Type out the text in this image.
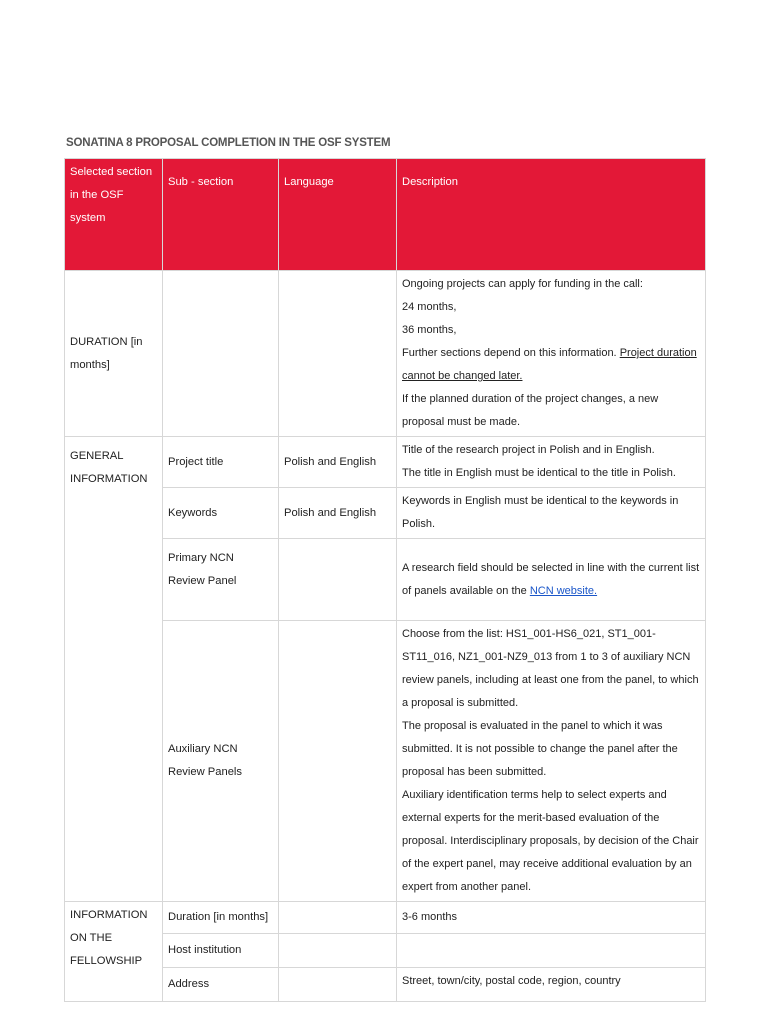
SONATINA 8 PROPOSAL COMPLETION IN THE OSF SYSTEM
Selected section in the OSF system	Sub - section	Language	Description
DURATION [in months]			Ongoing projects can apply for funding in the call:
24 months,
36 months,
Further sections depend on this information. Project duration cannot be changed later.
If the planned duration of the project changes, a new proposal must be made.

GENERAL INFORMATION	Project title	Polish and English	Title of the research project in Polish and in English.
The title in English must be identical to the title in Polish.

	Keywords	Polish and English	Keywords in English must be identical to the keywords in Polish.
	Primary NCN Review Panel		A research field should be selected in line with the current list of panels available on the NCN website.
	Auxiliary NCN Review Panels		Choose from the list: HS1_001-HS6_021, ST1_001-ST11_016, NZ1_001-NZ9_013 from 1 to 3 of auxiliary NCN review panels, including at least one from the panel, to which a proposal is submitted.
The proposal is evaluated in the panel to which it was submitted. It is not possible to change the panel after the proposal has been submitted.
Auxiliary identification terms help to select experts and external experts for the merit-based evaluation of the proposal. Interdisciplinary proposals, by decision of the Chair of the expert panel, may receive additional evaluation by an expert from another panel.

INFORMATION ON THE FELLOWSHIP	Duration [in months]		3-6 months
	Host institution		
	Address		Street, town/city, postal code, region, country
